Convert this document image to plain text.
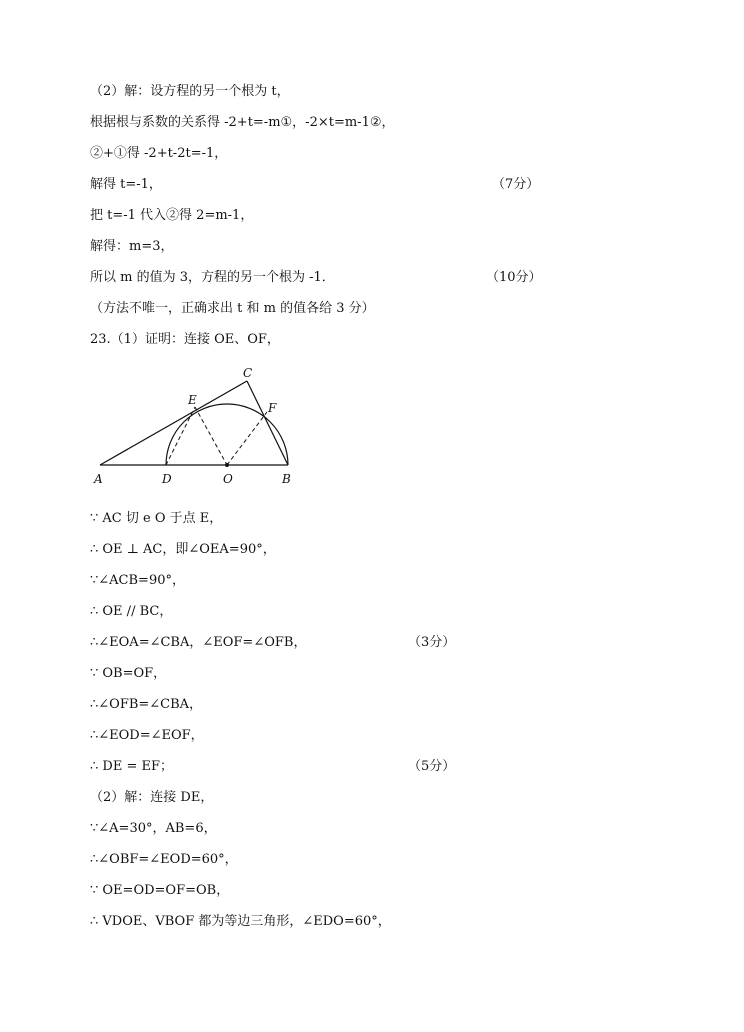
（2）解：设方程的另一个根为 t，
根据根与系数的关系得 -2+t=-m①，-2×t=m-1②，
②+①得 -2+t-2t=-1，
解得 t=-1，
把 t=-1 代入②得 2=m-1，
解得：m=3，
所以 m 的值为 3，方程的另一个根为 -1．
（方法不唯一，正确求出 t 和 m 的值各给 3 分）
23.（1）证明：连接 OE、OF，
（7分）
（10分）
A	B
C
D
E
F
O
∵ AC 切 e O 于点 E，
∴ OE ⊥ AC，即∠OEA=90°，
∵∠ACB=90°，
∴ OE // BC，
∴∠EOA=∠CBA，∠EOF=∠OFB，
∵ OB=OF，
∴∠OFB=∠CBA，
∴∠EOD=∠EOF，
∴ DE = EF；
（2）解：连接 DE，
∵∠A=30°，AB=6，
∴∠OBF=∠EOD=60°，
∵ OE=OD=OF=OB，
∴ VDOE、VBOF 都为等边三角形，∠EDO=60°，
（3分）
（5分）
